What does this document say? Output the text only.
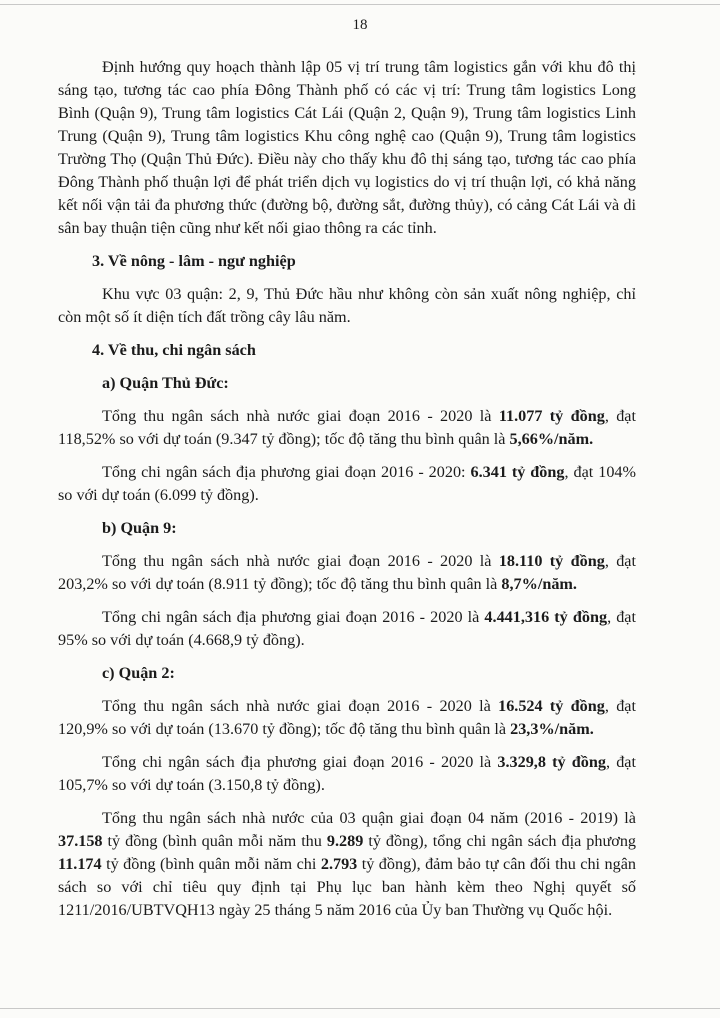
18

Định hướng quy hoạch thành lập 05 vị trí trung tâm logistics gắn với khu đô thị sáng tạo, tương tác cao phía Đông Thành phố có các vị trí: Trung tâm logistics Long Bình (Quận 9), Trung tâm logistics Cát Lái (Quận 2, Quận 9), Trung tâm logistics Linh Trung (Quận 9), Trung tâm logistics Khu công nghệ cao (Quận 9), Trung tâm logistics Trường Thọ (Quận Thủ Đức). Điều này cho thấy khu đô thị sáng tạo, tương tác cao phía Đông Thành phố thuận lợi để phát triển dịch vụ logistics do vị trí thuận lợi, có khả năng kết nối vận tải đa phương thức (đường bộ, đường sắt, đường thủy), có cảng Cát Lái và di sân bay thuận tiện cũng như kết nối giao thông ra các tỉnh.

3. Về nông - lâm - ngư nghiệp

Khu vực 03 quận: 2, 9, Thủ Đức hầu như không còn sản xuất nông nghiệp, chỉ còn một số ít diện tích đất trồng cây lâu năm.

4. Về thu, chi ngân sách
a) Quận Thủ Đức:

Tổng thu ngân sách nhà nước giai đoạn 2016 - 2020 là 11.077 tỷ đồng, đạt 118,52% so với dự toán (9.347 tỷ đồng); tốc độ tăng thu bình quân là 5,66%/năm.

Tổng chi ngân sách địa phương giai đoạn 2016 - 2020: 6.341 tỷ đồng, đạt 104% so với dự toán (6.099 tỷ đồng).

b) Quận 9:

Tổng thu ngân sách nhà nước giai đoạn 2016 - 2020 là 18.110 tỷ đồng, đạt 203,2% so với dự toán (8.911 tỷ đồng); tốc độ tăng thu bình quân là 8,7%/năm.

Tổng chi ngân sách địa phương giai đoạn 2016 - 2020 là 4.441,316 tỷ đồng, đạt 95% so với dự toán (4.668,9 tỷ đồng).

c) Quận 2:

Tổng thu ngân sách nhà nước giai đoạn 2016 - 2020 là 16.524 tỷ đồng, đạt 120,9% so với dự toán (13.670 tỷ đồng); tốc độ tăng thu bình quân là 23,3%/năm.

Tổng chi ngân sách địa phương giai đoạn 2016 - 2020 là 3.329,8 tỷ đồng, đạt 105,7% so với dự toán (3.150,8 tỷ đồng).

Tổng thu ngân sách nhà nước của 03 quận giai đoạn 04 năm (2016 - 2019) là 37.158 tỷ đồng (bình quân mỗi năm thu 9.289 tỷ đồng), tổng chi ngân sách địa phương 11.174 tỷ đồng (bình quân mỗi năm chi 2.793 tỷ đồng), đảm bảo tự cân đối thu chi ngân sách so với chỉ tiêu quy định tại Phụ lục ban hành kèm theo Nghị quyết số 1211/2016/UBTVQH13 ngày 25 tháng 5 năm 2016 của Ủy ban Thường vụ Quốc hội.
